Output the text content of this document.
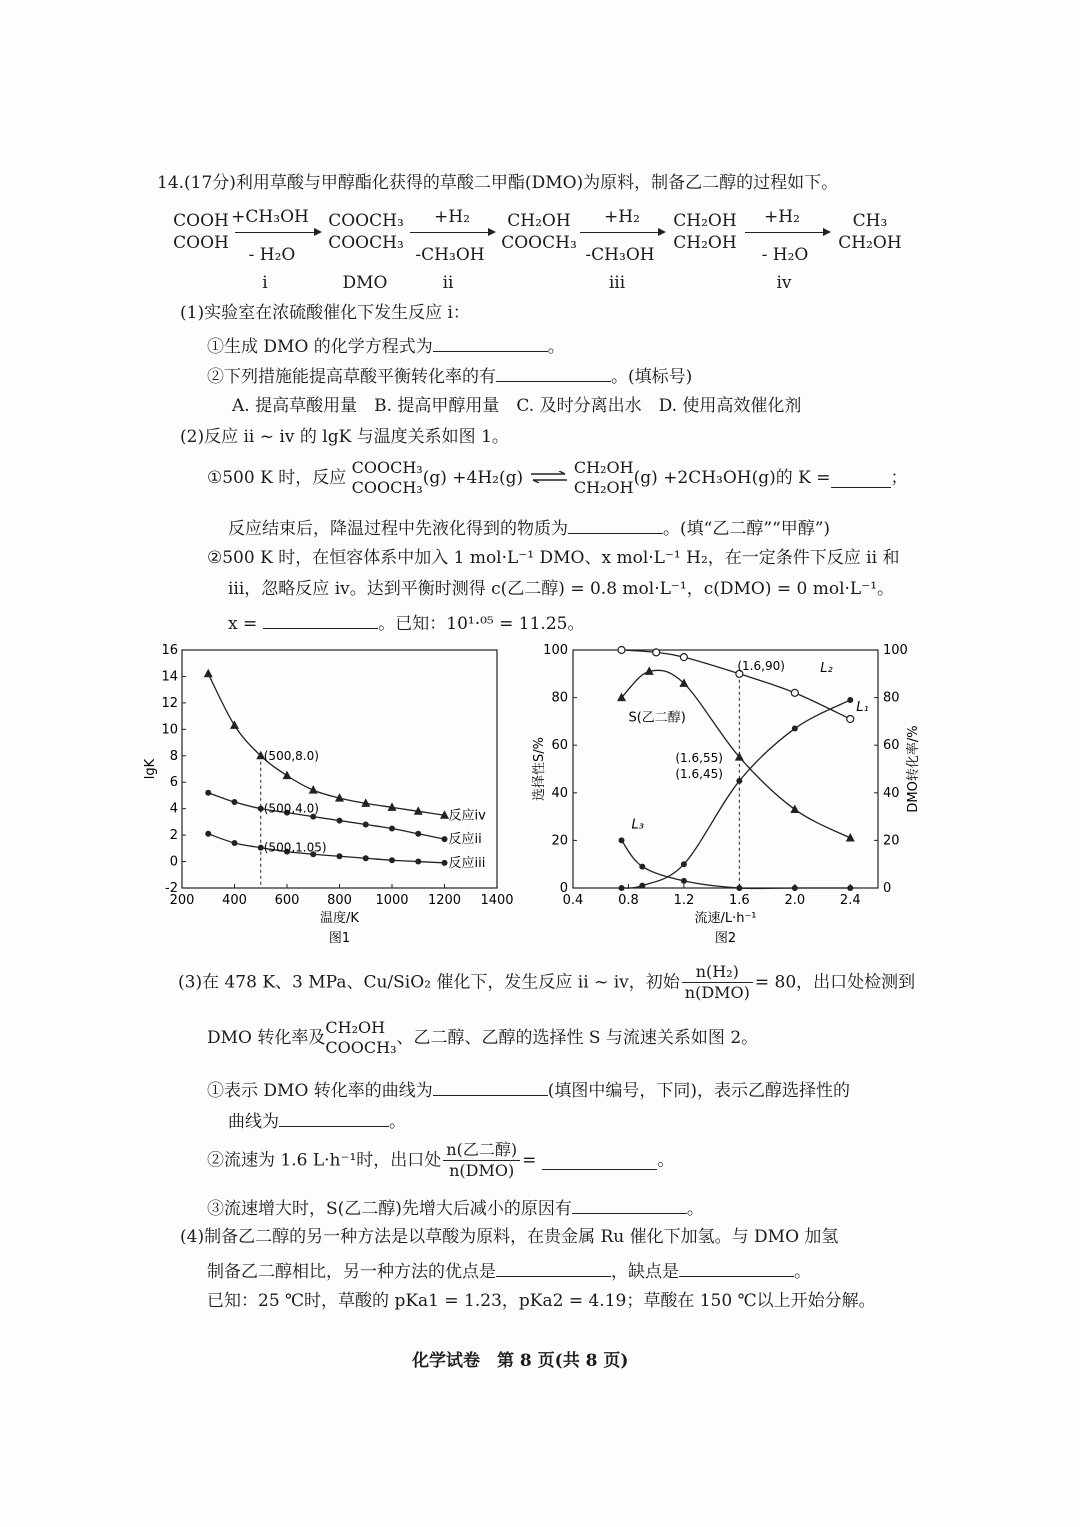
14.(17分)利用草酸与甲醇酯化获得的草酸二甲酯(DMO)为原料，制备乙二醇的过程如下。
COOH
COOH
+CH₃OH
- H₂O
i
COOCH₃
COOCH₃
DMO
+H₂
-CH₃OH
ii
CH₂OH
COOCH₃
+H₂
-CH₃OH
iii
CH₂OH
CH₂OH
+H₂
- H₂O
iv
CH₃
CH₂OH
(1)实验室在浓硫酸催化下发生反应 i：
①生成 DMO 的化学方程式为	。
②下列措施能提高草酸平衡转化率的有	。(填标号)
A. 提高草酸用量　B. 提高甲醇用量　C. 及时分离出水　D. 使用高效催化剂
(2)反应 ii ~ iv 的 lgK 与温度关系如图 1。
①500 K 时，反应
COOCH₃
COOCH₃ (g) +4H₂(g) ⇌ CH₂OH
CH₂OH (g) +2CH₃OH(g)的 K =	；
反应结束后，降温过程中先液化得到的物质为	。(填“乙二醇”“甲醇”)
②500 K 时，在恒容体系中加入 1 mol·L⁻¹ DMO、x mol·L⁻¹ H₂，在一定条件下反应 ii 和
iii，忽略反应 iv。达到平衡时测得 c(乙二醇) = 0.8 mol·L⁻¹，c(DMO) = 0 mol·L⁻¹。
x =	。已知：10¹·⁰⁵ = 11.25。
200 400 600 800 1000 1200 1400
-2
0
2
4
6
8
10
12
14
16
温度/K
lgK
图1
反应iv
反应ii
反应iii
(500,8.0)
(500,4.0)
(500,1.05)
0.4	0.8	1.2	1.6	2.0	2.4
0	0
20	20
40	40
60	60
80	80
100	100
流速/L·h⁻¹
图2
选择性S/%	DMO转化率/%
L₁
L₂
S(乙二醇)
L₃
(1.6,90)
(1.6,55)
(1.6,45)
(3)在 478 K、3 MPa、Cu/SiO₂ 催化下，发生反应 ii ~ iv，初始 $\frac{\text{n(H₂)}}{\text{n(DMO)}} = 80$，出口处检测到
DMO 转化率及
CH₂OH
COOCH₃ 、乙二醇、乙醇的选择性 S 与流速关系如图 2。
①表示 DMO 转化率的曲线为	(填图中编号，下同)，表示乙醇选择性的
曲线为	。
②流速为 1.6 L·h⁻¹时，出口处 $\frac{\text{n(乙二醇)}}{\text{n(DMO)}}$ =	。
③流速增大时，S(乙二醇)先增大后减小的原因有	。
(4)制备乙二醇的另一种方法是以草酸为原料，在贵金属 Ru 催化下加氢。与 DMO 加氢
制备乙二醇相比，另一种方法的优点是	，缺点是	。
已知：25 ℃时，草酸的 pKa1 = 1.23，pKa2 = 4.19；草酸在 150 ℃以上开始分解。
化学试卷　第 8 页(共 8 页)
